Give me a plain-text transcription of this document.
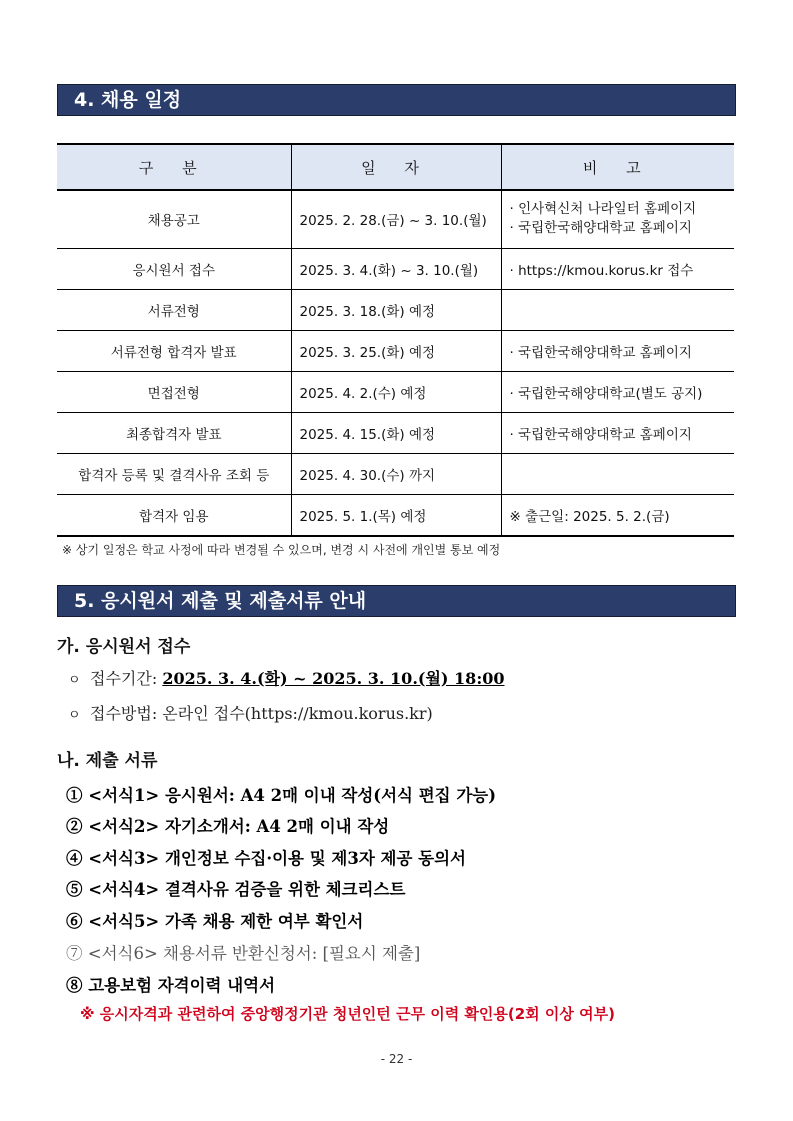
4. 채용 일정
구 분	일 자	비 고
채용공고	2025. 2. 28.(금) ~ 3. 10.(월)	· 인사혁신처 나라일터 홈페이지
· 국립한국해양대학교 홈페이지

응시원서 접수	2025. 3. 4.(화) ~ 3. 10.(월)	· https://kmou.korus.kr 접수
서류전형	2025. 3. 18.(화) 예정	
서류전형 합격자 발표	2025. 3. 25.(화) 예정	· 국립한국해양대학교 홈페이지
면접전형	2025. 4. 2.(수) 예정	· 국립한국해양대학교(별도 공지)
최종합격자 발표	2025. 4. 15.(화) 예정	· 국립한국해양대학교 홈페이지
합격자 등록 및 결격사유 조회 등	2025. 4. 30.(수) 까지	
합격자 임용	2025. 5. 1.(목) 예정	※ 출근일: 2025. 5. 2.(금)
※ 상기 일정은 학교 사정에 따라 변경될 수 있으며, 변경 시 사전에 개인별 통보 예정
5. 응시원서 제출 및 제출서류 안내
가. 응시원서 접수
ㅇ 접수기간: 2025. 3. 4.(화) ~ 2025. 3. 10.(월) 18:00
ㅇ 접수방법: 온라인 접수(https://kmou.korus.kr)
나. 제출 서류
① <서식1> 응시원서: A4 2매 이내 작성(서식 편집 가능)
② <서식2> 자기소개서: A4 2매 이내 작성
④ <서식3> 개인정보 수집·이용 및 제3자 제공 동의서
⑤ <서식4> 결격사유 검증을 위한 체크리스트
⑥ <서식5> 가족 채용 제한 여부 확인서
⑦ <서식6> 채용서류 반환신청서: [필요시 제출]
⑧ 고용보험 자격이력 내역서
※ 응시자격과 관련하여 중앙행정기관 청년인턴 근무 이력 확인용(2회 이상 여부)
- 22 -
